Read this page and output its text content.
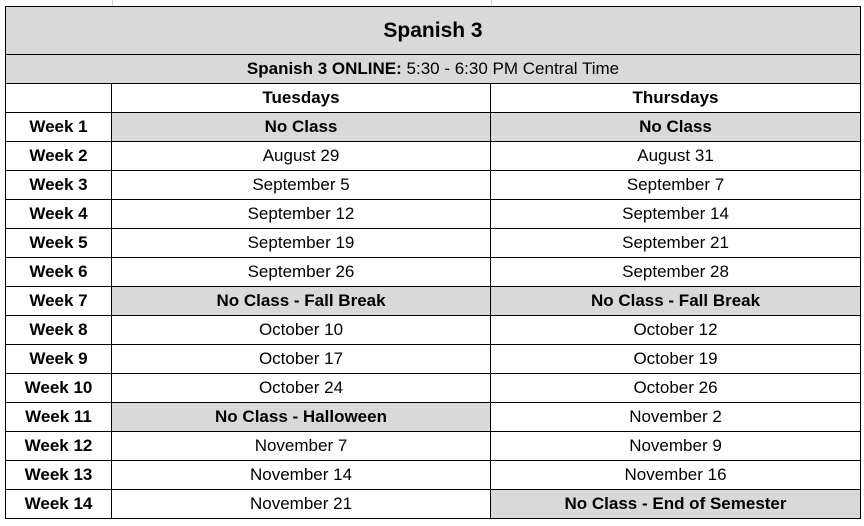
Spanish 3		
Spanish 3 ONLINE: 5:30 - 6:30 PM Central Time		
	Tuesdays	Thursdays
Week 1	No Class	No Class
Week 2	August 29	August 31
Week 3	September 5	September 7
Week 4	September 12	September 14
Week 5	September 19	September 21
Week 6	September 26	September 28
Week 7	No Class - Fall Break	No Class - Fall Break
Week 8	October 10	October 12
Week 9	October 17	October 19
Week 10	October 24	October 26
Week 11	No Class - Halloween	November 2
Week 12	November 7	November 9
Week 13	November 14	November 16
Week 14	November 21	No Class - End of Semester
